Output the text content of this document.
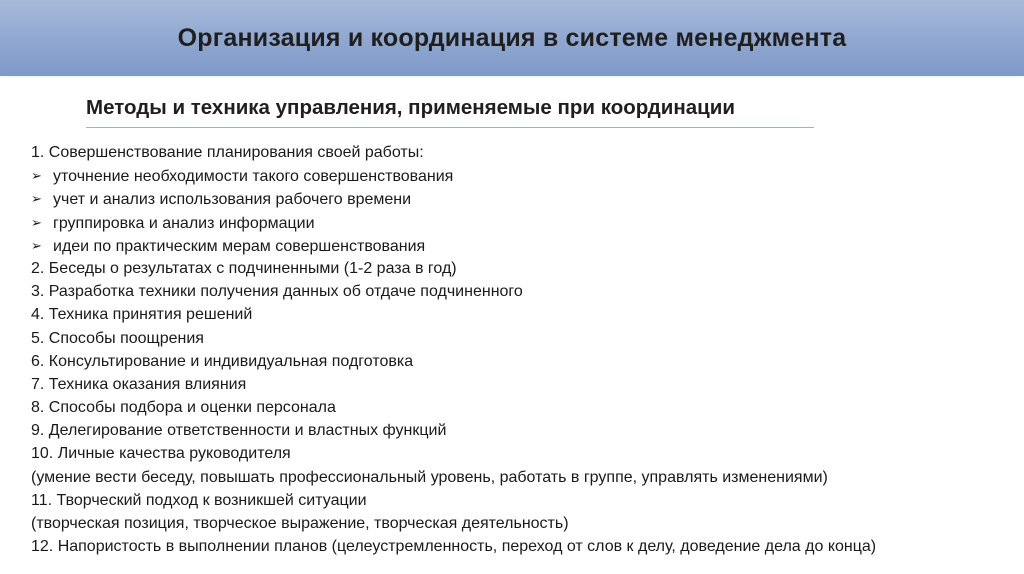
Организация и координация в системе менеджмента
Методы и техника управления, применяемые при координации
1. Совершенствование планирования своей работы:
➢ уточнение необходимости такого совершенствования
➢ учет и анализ использования рабочего времени
➢ группировка и анализ информации
➢ идеи по практическим мерам совершенствования
2. Беседы о результатах с подчиненными (1-2 раза в год)
3. Разработка техники получения данных об отдаче подчиненного
4. Техника принятия решений
5. Способы поощрения
6. Консультирование и индивидуальная подготовка
7. Техника оказания влияния
8. Способы подбора и оценки персонала
9. Делегирование ответственности и властных функций
10. Личные качества руководителя
(умение вести беседу, повышать профессиональный уровень, работать в группе, управлять изменениями)
11. Творческий подход к возникшей ситуации
(творческая позиция, творческое выражение, творческая деятельность)
12. Напористость в выполнении планов (целеустремленность, переход от слов к делу, доведение дела до конца)
